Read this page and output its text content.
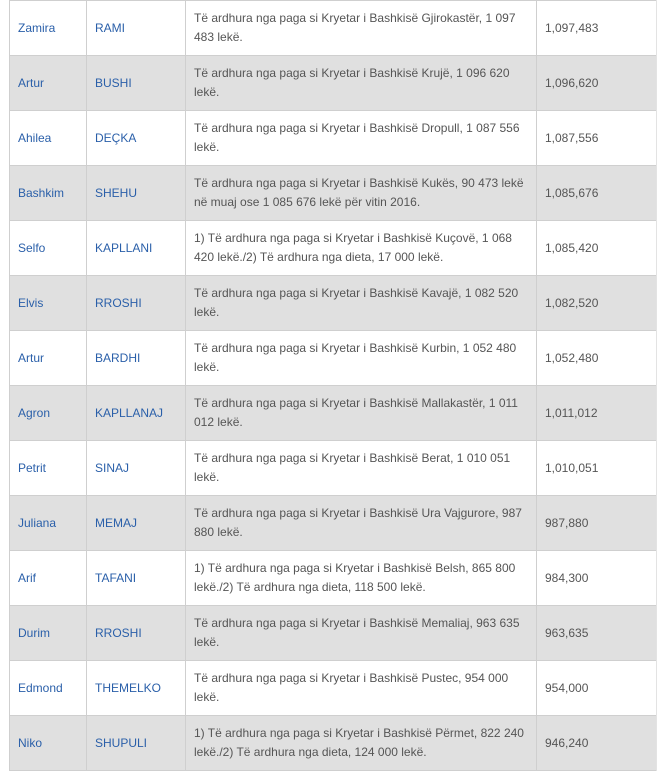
Zamira	RAMI	Të ardhura nga paga si Kryetar i Bashkisë Gjirokastër, 1 097 483 lekë.	1,097,483
Artur	BUSHI	Të ardhura nga paga si Kryetar i Bashkisë Krujë, 1 096 620 lekë.	1,096,620
Ahilea	DEÇKA	Të ardhura nga paga si Kryetar i Bashkisë Dropull, 1 087 556 lekë.	1,087,556
Bashkim	SHEHU	Të ardhura nga paga si Kryetar i Bashkisë Kukës, 90 473 lekë në muaj ose 1 085 676 lekë për vitin 2016.	1,085,676
Selfo	KAPLLANI	1) Të ardhura nga paga si Kryetar i Bashkisë Kuçovë, 1 068 420 lekë./2) Të ardhura nga dieta, 17 000 lekë.	1,085,420
Elvis	RROSHI	Të ardhura nga paga si Kryetar i Bashkisë Kavajë, 1 082 520 lekë.	1,082,520
Artur	BARDHI	Të ardhura nga paga si Kryetar i Bashkisë Kurbin, 1 052 480 lekë.	1,052,480
Agron	KAPLLANAJ	Të ardhura nga paga si Kryetar i Bashkisë Mallakastër, 1 011 012 lekë.	1,011,012
Petrit	SINAJ	Të ardhura nga paga si Kryetar i Bashkisë Berat, 1 010 051 lekë.	1,010,051
Juliana	MEMAJ	Të ardhura nga paga si Kryetar i Bashkisë Ura Vajgurore, 987 880 lekë.	987,880
Arif	TAFANI	1) Të ardhura nga paga si Kryetar i Bashkisë Belsh, 865 800 lekë./2) Të ardhura nga dieta, 118 500 lekë.	984,300
Durim	RROSHI	Të ardhura nga paga si Kryetar i Bashkisë Memaliaj, 963 635 lekë.	963,635
Edmond	THEMELKO	Të ardhura nga paga si Kryetar i Bashkisë Pustec, 954 000 lekë.	954,000
Niko	SHUPULI	1) Të ardhura nga paga si Kryetar i Bashkisë Përmet, 822 240 lekë./2) Të ardhura nga dieta, 124 000 lekë.	946,240
